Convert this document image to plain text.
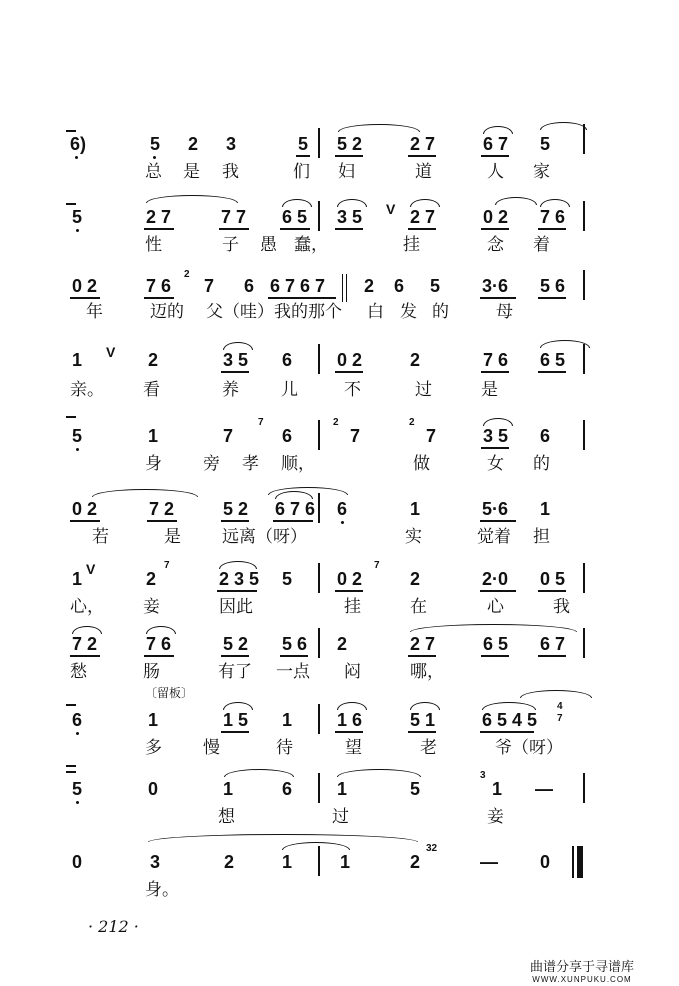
6)	5 2 3	5 5 2	2 7	6 7 5
总 是 我	们 妇	道	人 家
5	2 7	7 7 6 5 3 5 V 2 7	0 2 7 6
性	子 愚 蠢，	挂	念 着
0 2	7 6
2
7 6 6 7 6 7 2 6 5 3·6 5 6
年	迈的 父（哇）我的那个 白 发 的	母
1 V 2	3 5 6 0 2	2	7 6 6 5
亲。 看	养 儿	不	过	是
5	1	7
7
6
2
7
2
7	3 5 6
身 旁 孝 顺，	做	女 的
0 2	7 2	5 2 6 7 6 6	1	5·6 1
若	是 远离（呀）	实	觉着 担
1 V	2
7
2 3 5 5 0 2
7
2	2·0 0 5
心， 妾	因此	挂	在	心	我
7 2	7 6	5 2 5 6 2	2 7	6 5 6 7
愁	肠	有了 一点 闷	哪，
〔留板〕
6	1	1 5 1 1 6	5 1	6 5 4 5
4
7
多 慢	待	望	老	爷（呀）
5	0	1	6 1	5
3
1 —
想	过	妾
0	3	2	1	1	2
32
— 0
身。
· 212 ·
曲谱分享于寻谱库
WWW.XUNPUKU.COM
